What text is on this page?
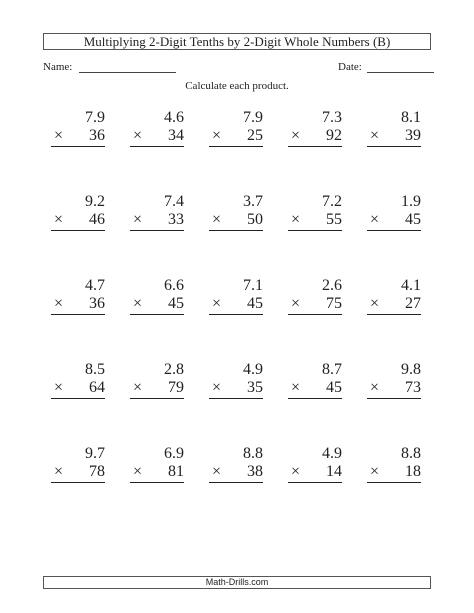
Multiplying 2-Digit Tenths by 2-Digit Whole Numbers (B)
Name:	Date:
Calculate each product.
7.9
× 36
4.6
× 34
7.9
× 25
7.3
× 92
8.1
× 39
9.2
× 46
7.4
× 33
3.7
× 50
7.2
× 55
1.9
× 45
4.7
× 36
6.6
× 45
7.1
× 45
2.6
× 75
4.1
× 27
8.5
× 64
2.8
× 79
4.9
× 35
8.7
× 45
9.8
× 73
9.7
× 78
6.9
× 81
8.8
× 38
4.9
× 14
8.8
× 18
Math-Drills.com
